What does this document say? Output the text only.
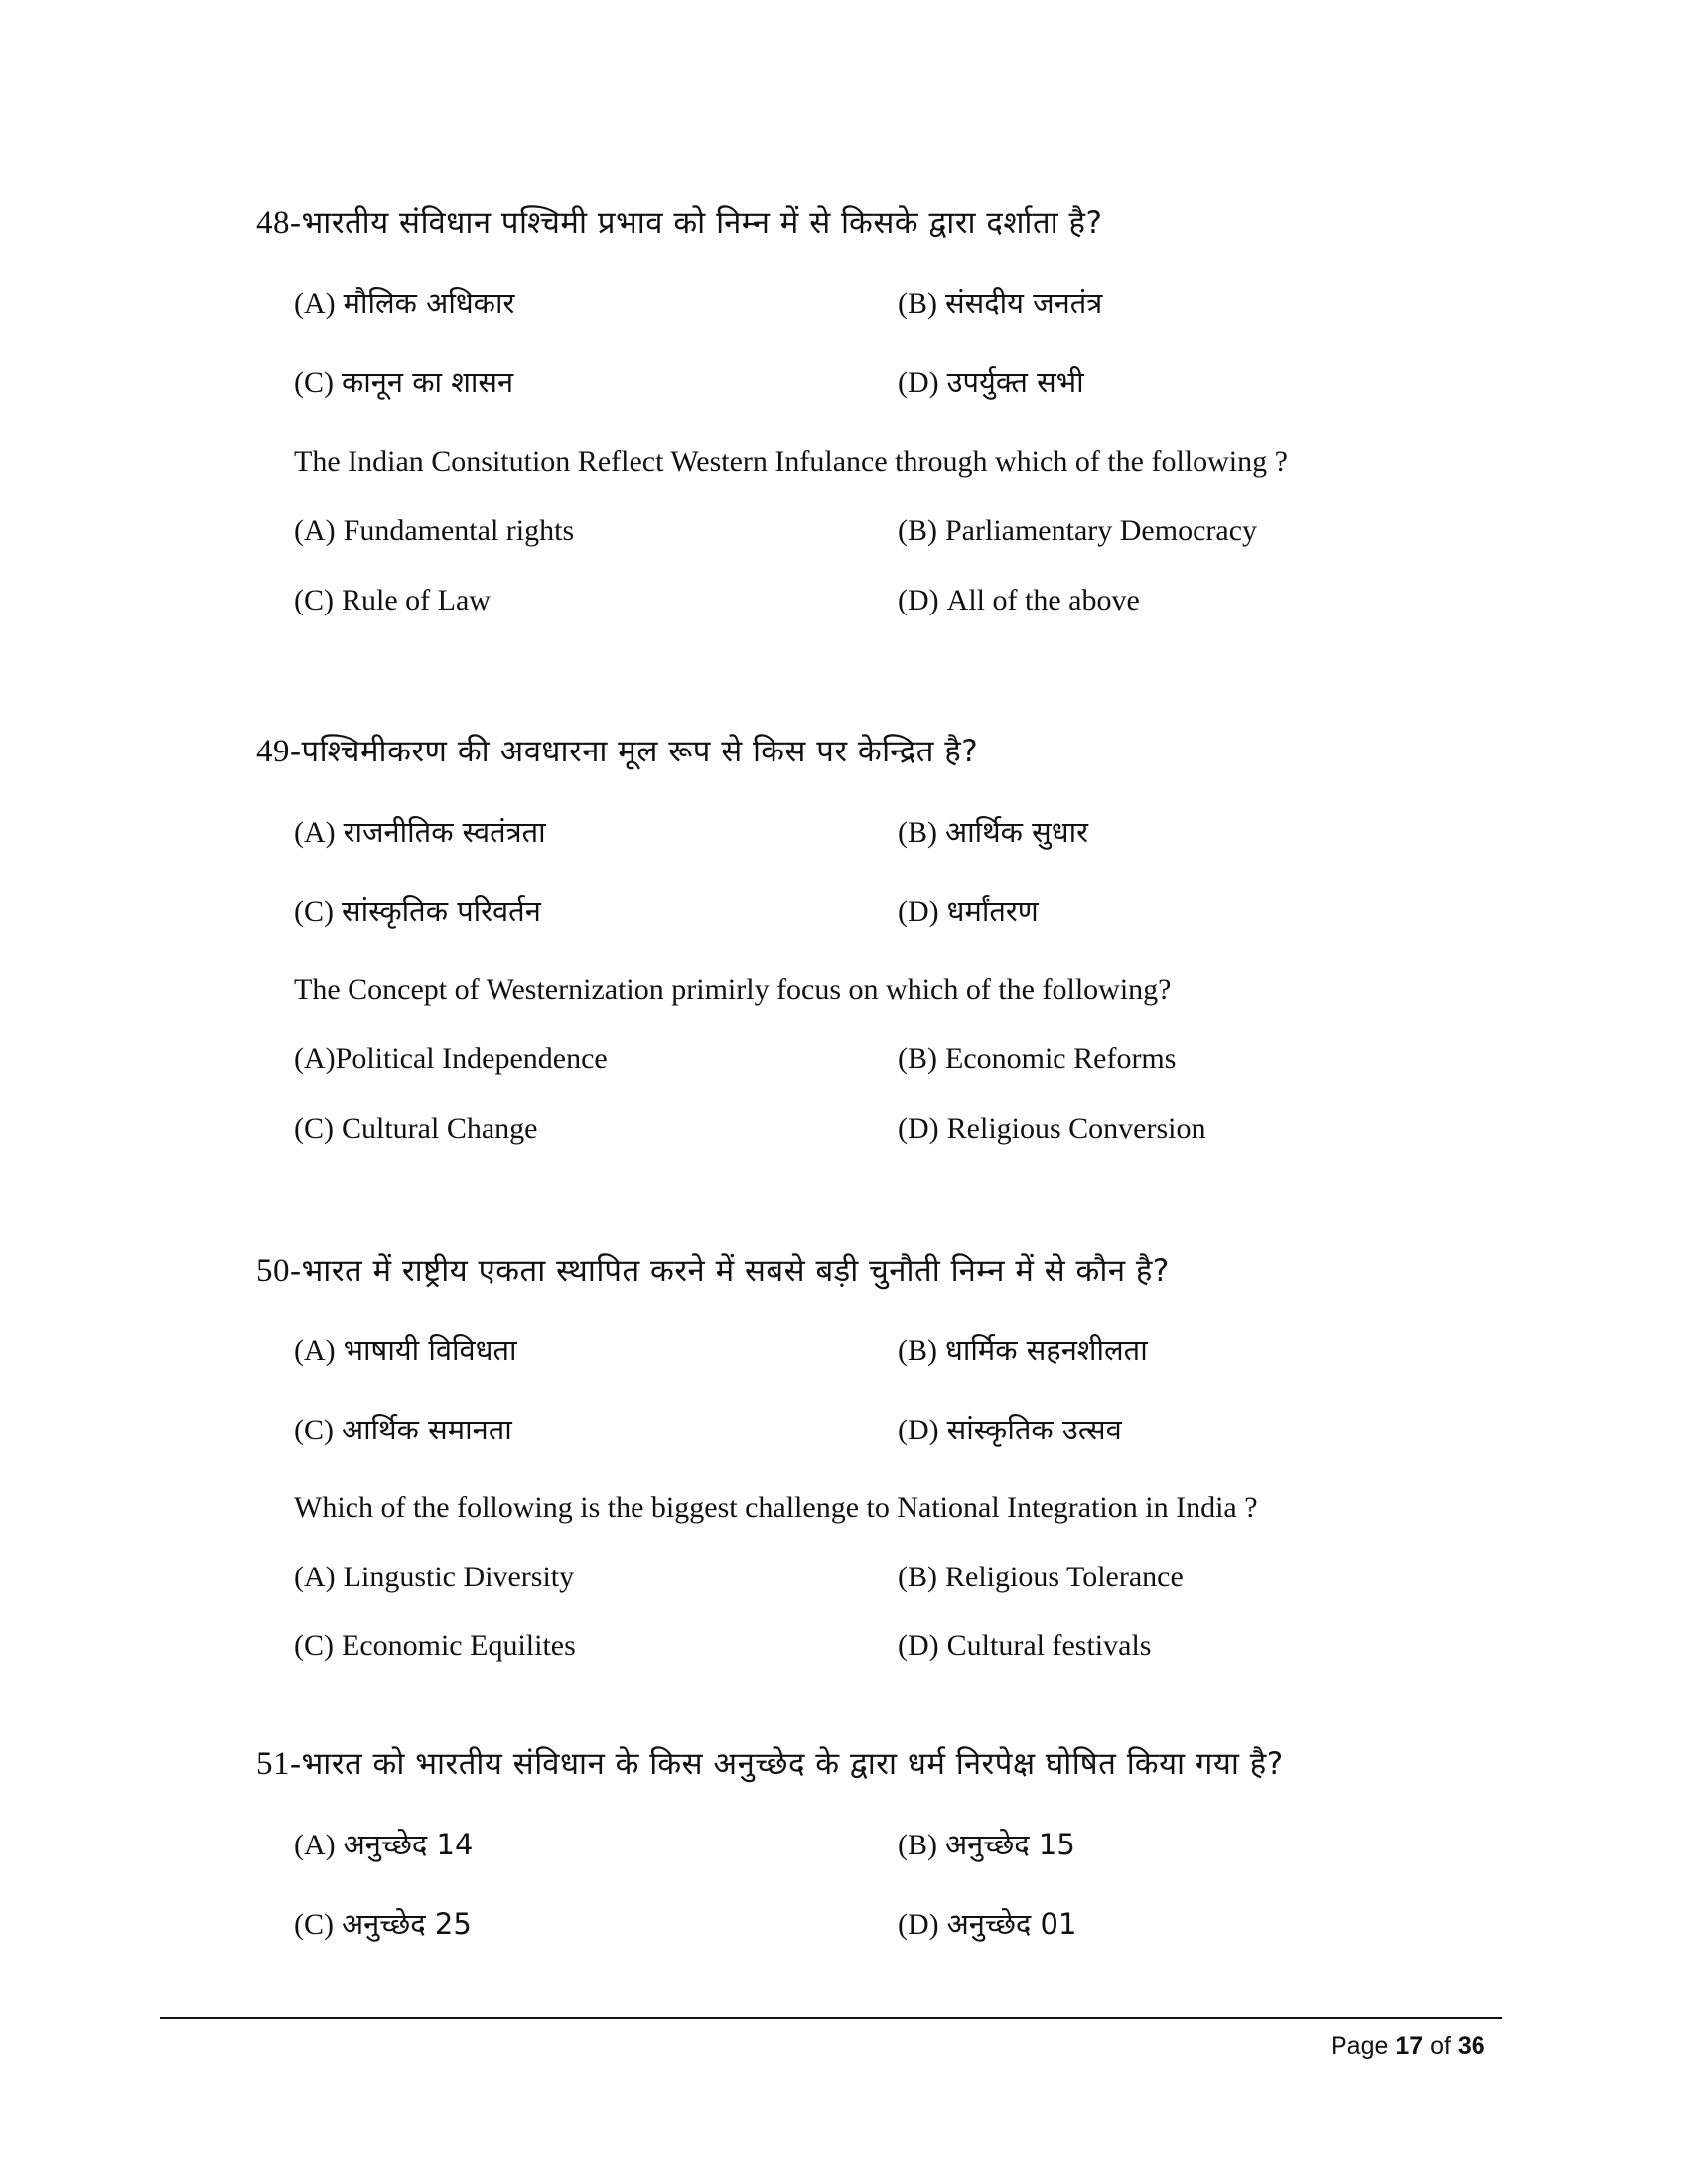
48-भारतीय संविधान पश्चिमी प्रभाव को निम्न में से किसके द्वारा दर्शाता है?
(A) मौलिक अधिकार	(B) संसदीय जनतंत्र
(C) कानून का शासन	(D) उपर्युक्त सभी
The Indian Consitution Reflect Western Infulance through which of the following ?
(A) Fundamental rights	(B) Parliamentary Democracy
(C) Rule of Law	(D) All of the above
49-पश्चिमीकरण की अवधारना मूल रूप से किस पर केन्द्रित है?
(A) राजनीतिक स्वतंत्रता	(B) आर्थिक सुधार
(C) सांस्कृतिक परिवर्तन	(D) धर्मांतरण
The Concept of Westernization primirly focus on which of the following?
(A)Political Independence	(B) Economic Reforms
(C) Cultural Change	(D) Religious Conversion
50-भारत में राष्ट्रीय एकता स्थापित करने में सबसे बड़ी चुनौती निम्न में से कौन है?
(A) भाषायी विविधता	(B) धार्मिक सहनशीलता
(C) आर्थिक समानता	(D) सांस्कृतिक उत्सव
Which of the following is the biggest challenge to National Integration in India ?
(A) Lingustic Diversity	(B) Religious Tolerance
(C) Economic Equilites	(D) Cultural festivals
51-भारत को भारतीय संविधान के किस अनुच्छेद के द्वारा धर्म निरपेक्ष घोषित किया गया है?
(A) अनुच्छेद 14	(B) अनुच्छेद 15
(C) अनुच्छेद 25	(D) अनुच्छेद 01
Page 17 of 36
